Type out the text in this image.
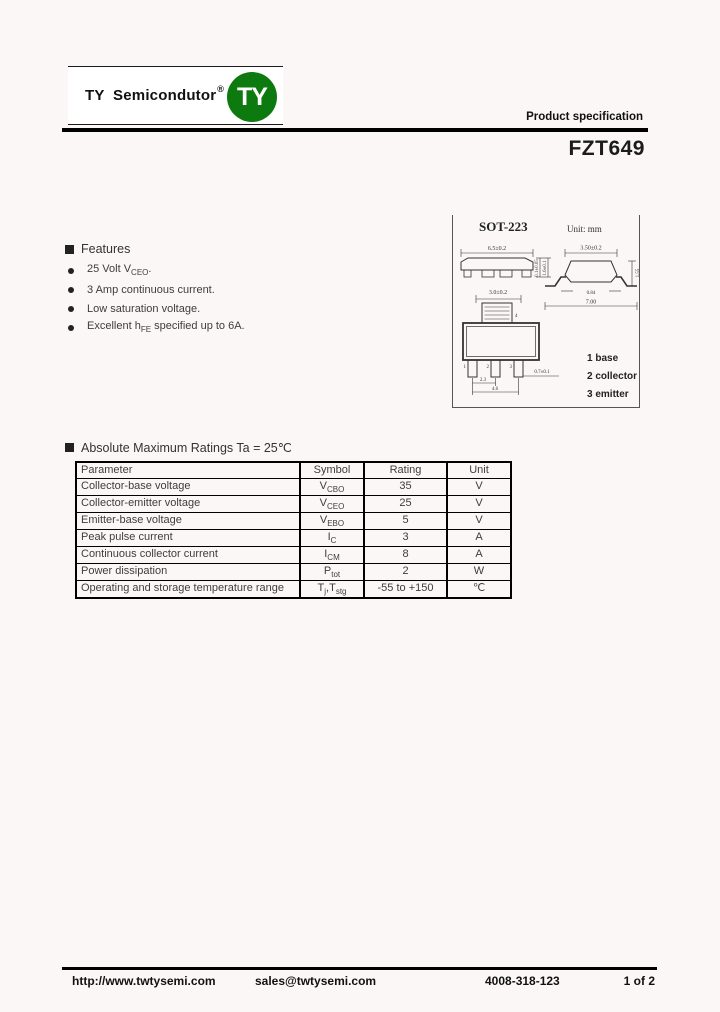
TY  Semicondutor ® TY
Product specification
FZT649
Features
25 Volt $V_{CEO}$.
3 Amp continuous current.
Low saturation voltage.
Excellent $h_{FE}$ specified up to 6A.
SOT-223	Unit: mm
6.5±0.2
0.1±0.05 1.6±0.1
3.0±0.2
4
1	2	3
2.3
4.6
0.7±0.1
3.50±0.2
0.84
7.00
1.55
1 base
2 collector
3 emitter
Absolute Maximum Ratings Ta = 25℃
Parameter	Symbol	Rating	Unit
Collector-base voltage	$V_{CBO}$	35	V
Collector-emitter voltage	$V_{CEO}$	25	V
Emitter-base voltage	$V_{EBO}$	5	V
Peak pulse current	$I_C$	3	A
Continuous collector current	$I_{CM}$	8	A
Power dissipation	$P_{tot}$	2	W
Operating and storage temperature range	$T_j,T_{stg}$	-55 to +150	℃
http://www.twtysemi.com	sales@twtysemi.com	4008-318-123	1 of 2
